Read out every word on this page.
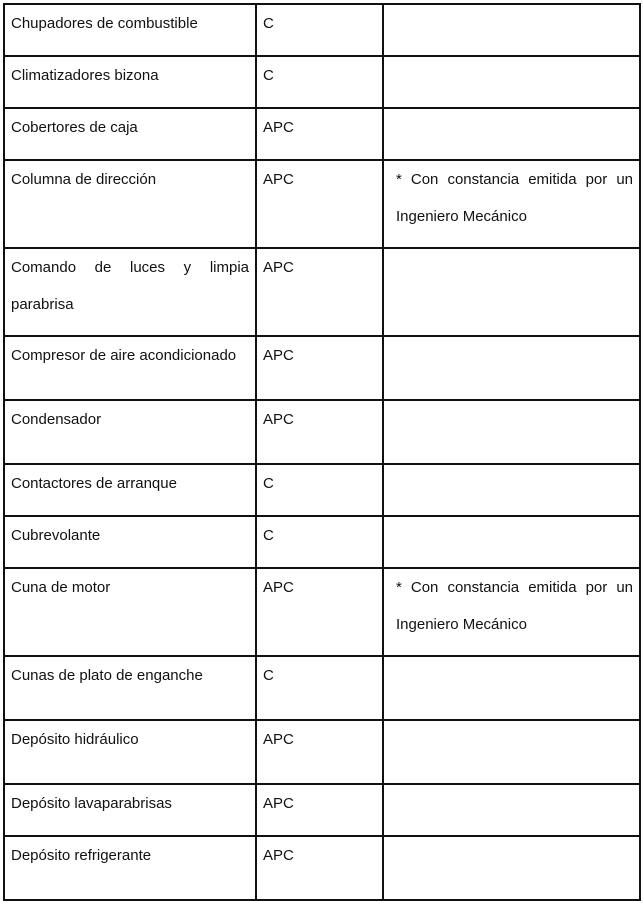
Chupadores de combustible	C	

Climatizadores bizona	C	

Cobertores de caja	APC	

Columna de dirección	APC	* Con constancia emitida por un Ingeniero Mecánico

Comando de luces y limpia parabrisa	APC	

Compresor de aire acondicionado	APC	

Condensador	APC	

Contactores de arranque	C	

Cubrevolante	C	

Cuna de motor	APC	* Con constancia emitida por un Ingeniero Mecánico

Cunas de plato de enganche	C	

Depósito hidráulico	APC	

Depósito lavaparabrisas	APC	

Depósito refrigerante	APC	
